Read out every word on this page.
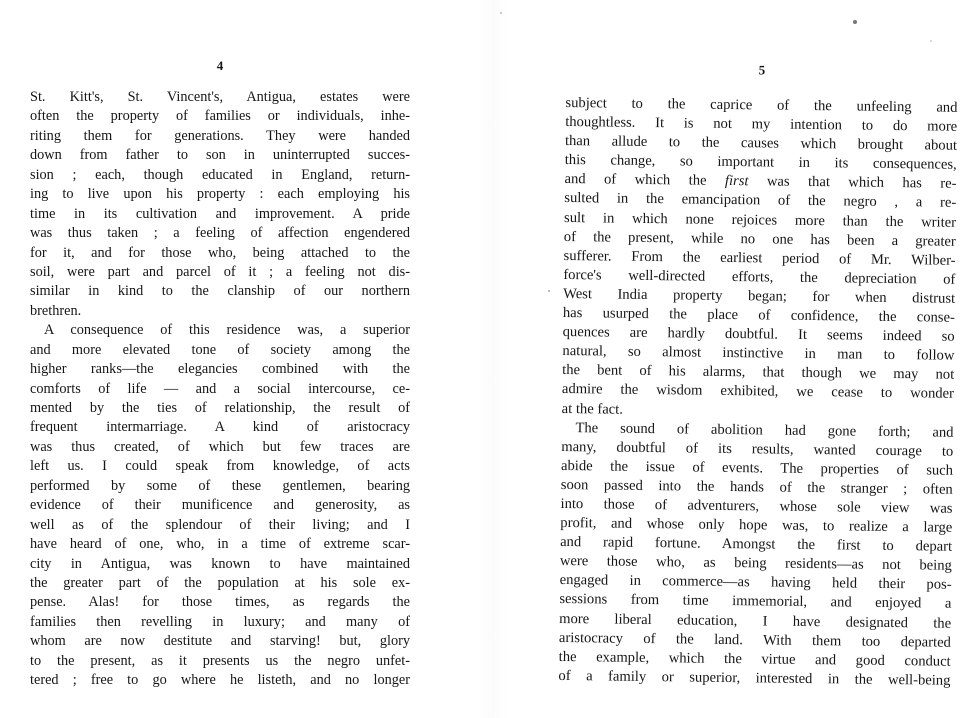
4
St. Kitt's, St. Vincent's, Antigua, estates were
often the property of families or individuals, inhe-
riting them for generations. They were handed
down from father to son in uninterrupted succes-
sion ; each, though educated in England, return-
ing to live upon his property : each employing his
time in its cultivation and improvement. A pride
was thus taken ; a feeling of affection engendered
for it, and for those who, being attached to the
soil, were part and parcel of it ; a feeling not dis-
similar in kind to the clanship of our northern
brethren.
A consequence of this residence was, a superior
and more elevated tone of society among the
higher ranks—the elegancies combined with the
comforts of life — and a social intercourse, ce-
mented by the ties of relationship, the result of
frequent intermarriage. A kind of aristocracy
was thus created, of which but few traces are
left us. I could speak from knowledge, of acts
performed by some of these gentlemen, bearing
evidence of their munificence and generosity, as
well as of the splendour of their living; and I
have heard of one, who, in a time of extreme scar-
city in Antigua, was known to have maintained
the greater part of the population at his sole ex-
pense. Alas! for those times, as regards the
families then revelling in luxury; and many of
whom are now destitute and starving! but, glory
to the present, as it presents us the negro unfet-
tered ; free to go where he listeth, and no longer
5
subject to the caprice of the unfeeling and
thoughtless. It is not my intention to do more
than allude to the causes which brought about
this change, so important in its consequences,
and of which the first was that which has re-
sulted in the emancipation of the negro , a re-
sult in which none rejoices more than the writer
of the present, while no one has been a greater
sufferer. From the earliest period of Mr. Wilber-
force's well-directed efforts, the depreciation of
West India property began; for when distrust
has usurped the place of confidence, the conse-
quences are hardly doubtful. It seems indeed so
natural, so almost instinctive in man to follow
the bent of his alarms, that though we may not
admire the wisdom exhibited, we cease to wonder
at the fact.
The sound of abolition had gone forth; and
many, doubtful of its results, wanted courage to
abide the issue of events. The properties of such
soon passed into the hands of the stranger ; often
into those of adventurers, whose sole view was
profit, and whose only hope was, to realize a large
and rapid fortune. Amongst the first to depart
were those who, as being residents—as not being
engaged in commerce—as having held their pos-
sessions from time immemorial, and enjoyed a
more liberal education, I have designated the
aristocracy of the land. With them too departed
the example, which the virtue and good conduct
of a family or superior, interested in the well-being
